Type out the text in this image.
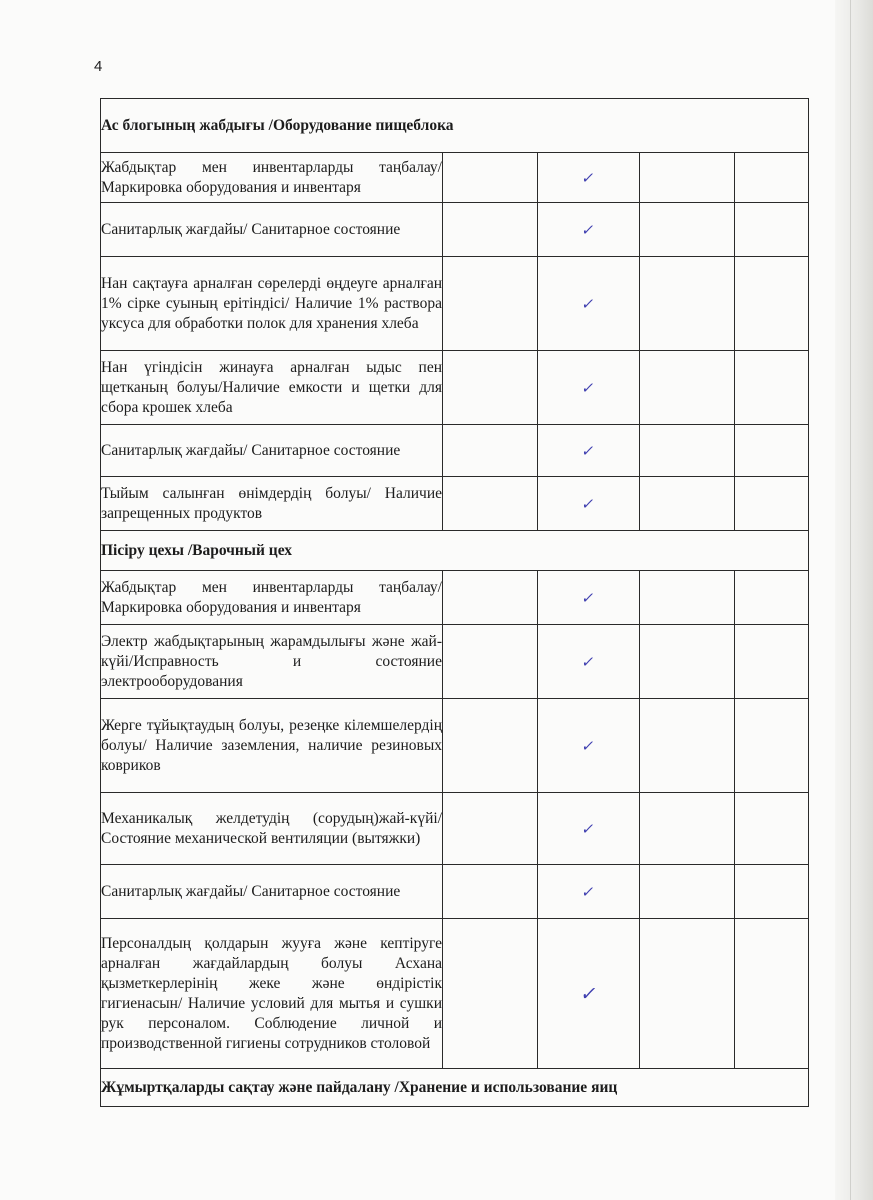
4
Ас блогының жабдығы /Оборудование пищеблока				
Жабдықтар мен инвентарларды таңбалау/ Маркировка оборудования и инвентаря		✓		
Санитарлық жағдайы/ Санитарное состояние		✓		
Нан сақтауға арналған сөрелерді өңдеуге арналған 1% сірке суының ерітіндісі/ Наличие 1% раствора уксуса для обработки полок для хранения хлеба		✓		
Нан үгіндісін жинауға арналған ыдыс пен щетканың болуы/Наличие емкости и щетки для сбора крошек хлеба		✓		
Санитарлық жағдайы/ Санитарное состояние		✓		
Тыйым салынған өнімдердің болуы/ Наличие запрещенных продуктов		✓		
Пісіру цехы /Варочный цех				
Жабдықтар мен инвентарларды таңбалау/ Маркировка оборудования и инвентаря		✓		
Электр жабдықтарының жарамдылығы және жай-күйі/Исправность и состояние электрооборудования		✓		
Жерге тұйықтаудың болуы, резеңке кілемшелердің болуы/ Наличие заземления, наличие резиновых ковриков		✓		
Механикалық желдетудің (сорудың)жай-күйі/Состояние механической вентиляции (вытяжки)		✓		
Санитарлық жағдайы/ Санитарное состояние		✓		
Персоналдың қолдарын жууға және кептіруге арналған жағдайлардың болуы Асхана қызметкерлерінің жеке және өндірістік гигиенасын/ Наличие условий для мытья и сушки рук персоналом. Соблюдение личной и производственной гигиены сотрудников столовой		✓		
Жұмыртқаларды сақтау және пайдалану /Хранение и использование яиц				
